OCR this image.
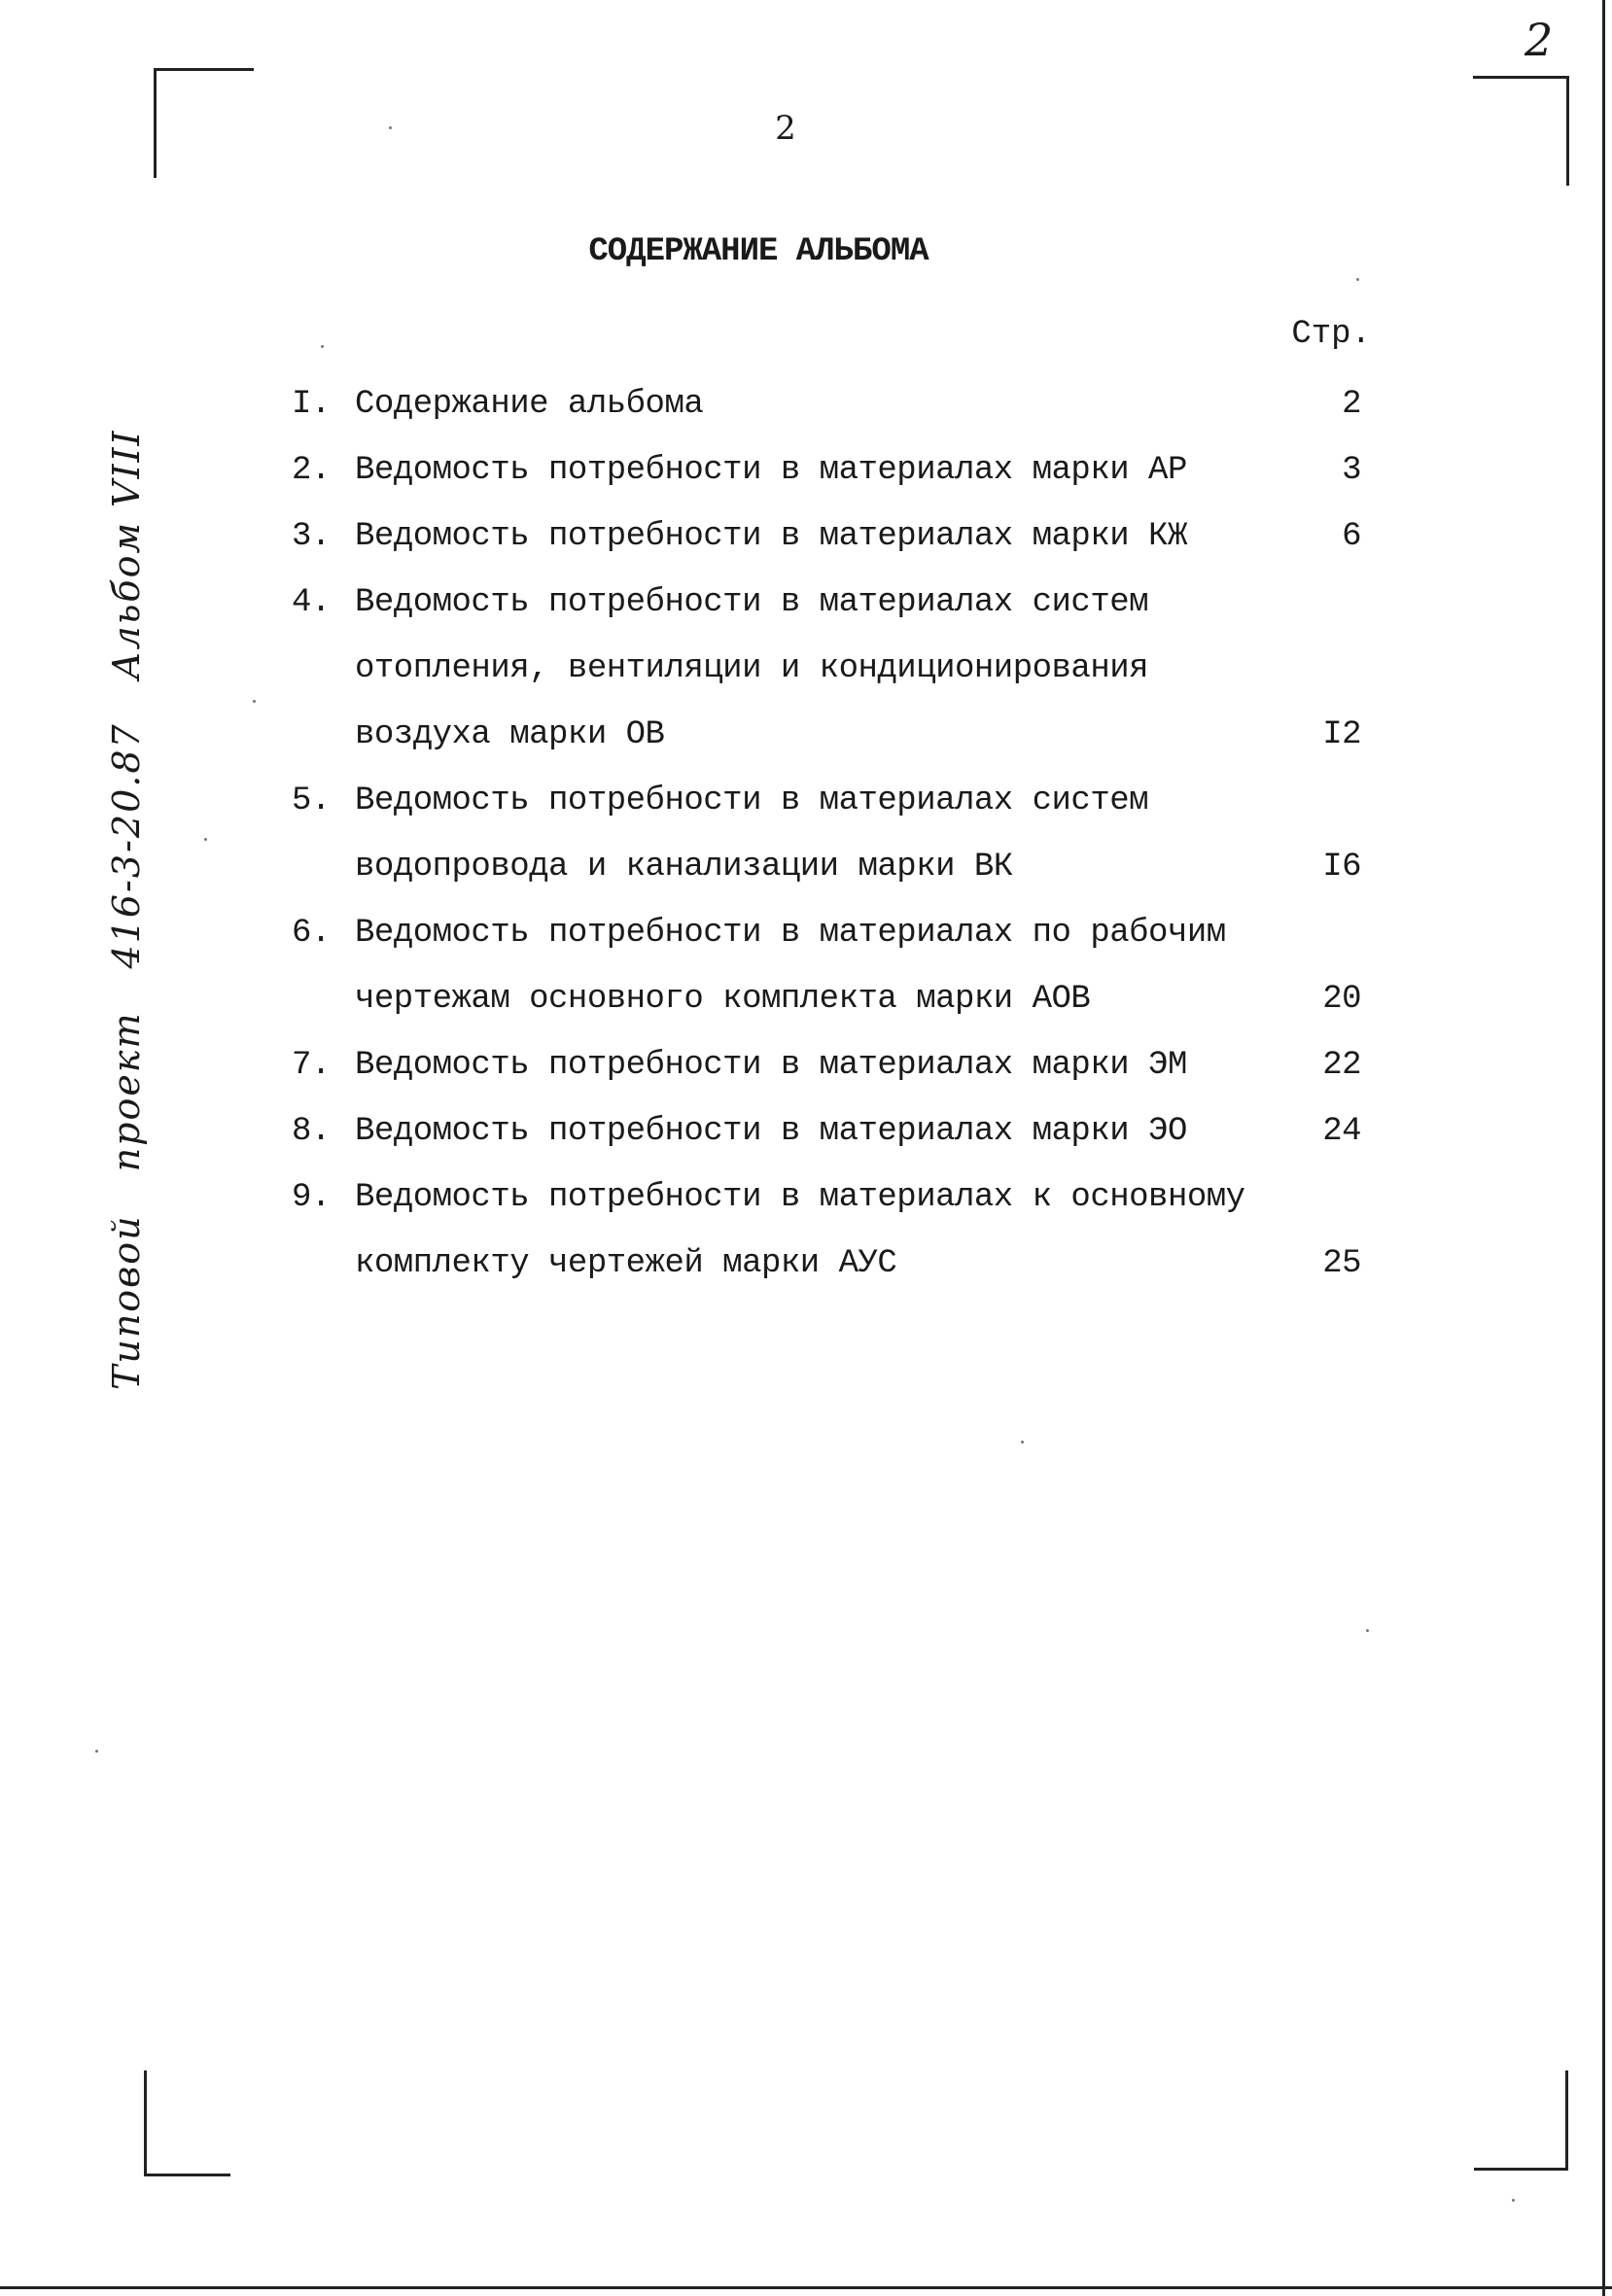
2
2
СОДЕРЖАНИЕ АЛЬБОМА
Стр.
I. Содержание альбома	2
2. Ведомость потребности в материалах марки АР	3
3. Ведомость потребности в материалах марки КЖ	6
4. Ведомость потребности в материалах систем
отопления, вентиляции и кондиционирования
воздуха марки ОВ	I2
5. Ведомость потребности в материалах систем
водопровода и канализации марки ВК	I6
6. Ведомость потребности в материалах по рабочим
чертежам основного комплекта марки АОВ	20
7. Ведомость потребности в материалах марки ЭМ	22
8. Ведомость потребности в материалах марки ЭО	24
9. Ведомость потребности в материалах к основному
комплекту чертежей марки АУС	25
Типовойпроект416-3-20.87Альбом VIII
